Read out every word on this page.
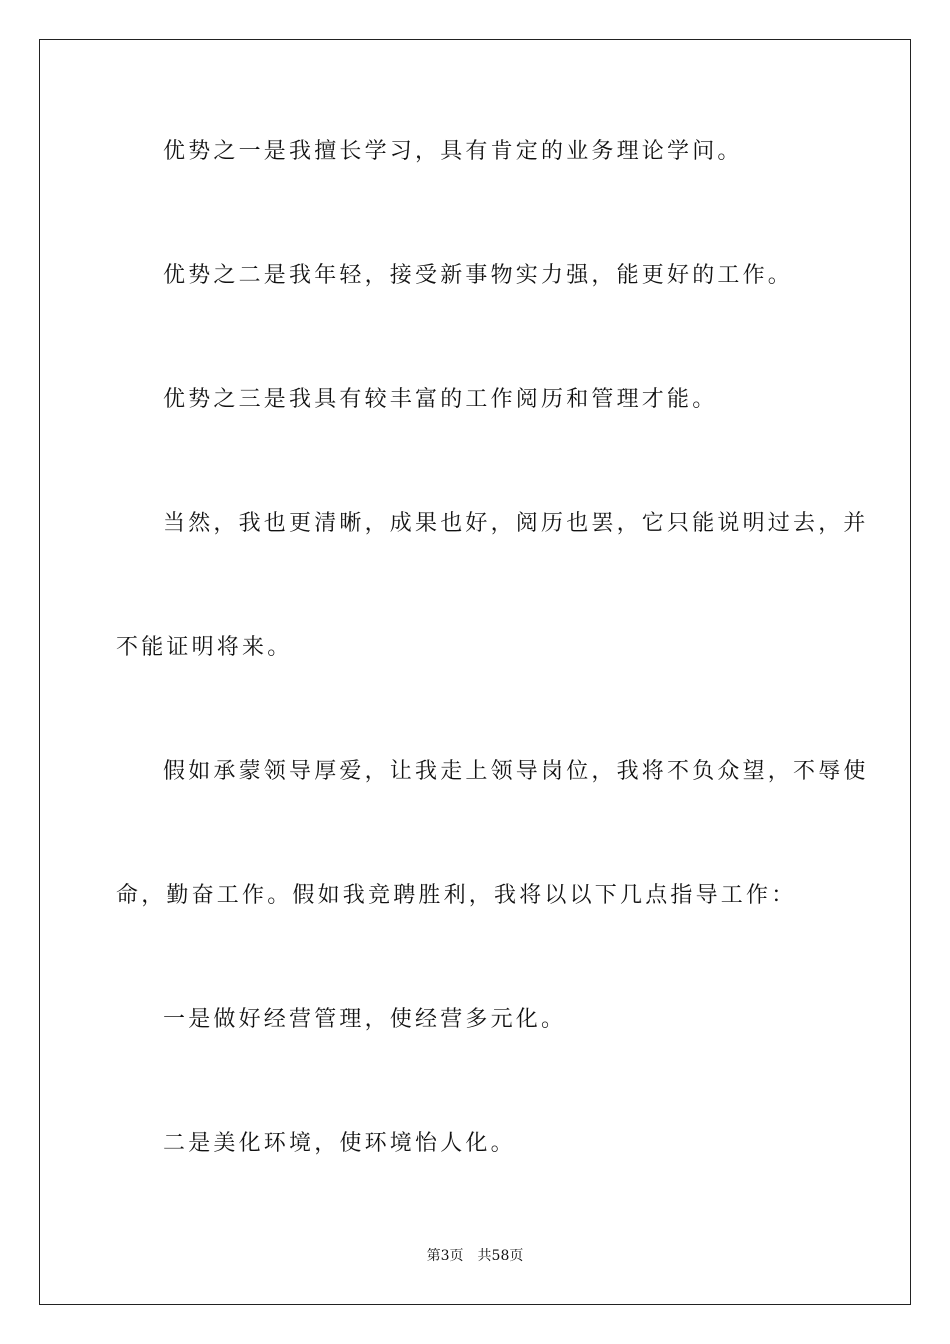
优势之一是我擅长学习，具有肯定的业务理论学问。
优势之二是我年轻，接受新事物实力强，能更好的工作。
优势之三是我具有较丰富的工作阅历和管理才能。
当然，我也更清晰，成果也好，阅历也罢，它只能说明过去，并
不能证明将来。
假如承蒙领导厚爱，让我走上领导岗位，我将不负众望，不辱使
命，勤奋工作。假如我竞聘胜利，我将以以下几点指导工作：
一是做好经营管理，使经营多元化。
二是美化环境，使环境怡人化。
第3页 共58页
